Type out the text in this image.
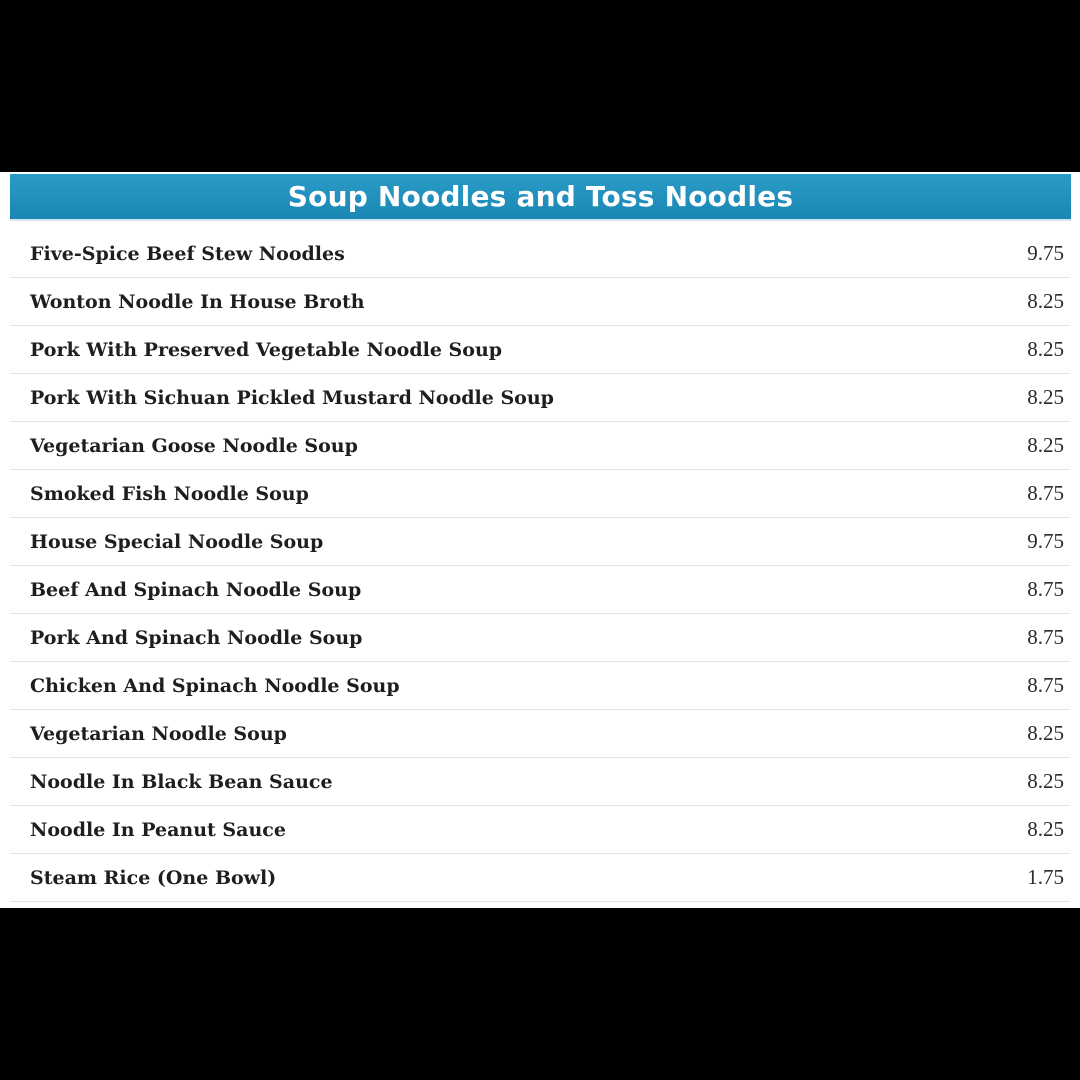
Soup Noodles and Toss Noodles
Five-Spice Beef Stew Noodles	9.75
Wonton Noodle In House Broth	8.25
Pork With Preserved Vegetable Noodle Soup	8.25
Pork With Sichuan Pickled Mustard Noodle Soup	8.25
Vegetarian Goose Noodle Soup	8.25
Smoked Fish Noodle Soup	8.75
House Special Noodle Soup	9.75
Beef And Spinach Noodle Soup	8.75
Pork And Spinach Noodle Soup	8.75
Chicken And Spinach Noodle Soup	8.75
Vegetarian Noodle Soup	8.25
Noodle In Black Bean Sauce	8.25
Noodle In Peanut Sauce	8.25
Steam Rice (One Bowl)	1.75
